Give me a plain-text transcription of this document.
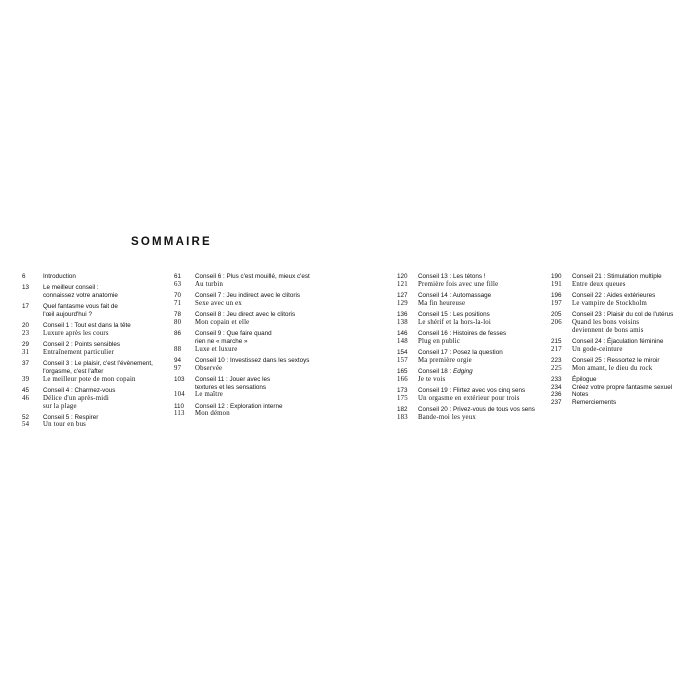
SOMMAIRE
6	Introduction
13	Le meilleur conseil :
connaissez votre anatomie
17	Quel fantasme vous fait de
l'œil aujourd'hui ?
20	Conseil 1 : Tout est dans la tête
23	Luxure après les cours
29	Conseil 2 : Points sensibles
31	Entraînement particulier
37	Conseil 3 : Le plaisir, c'est l'évènement,
l'orgasme, c'est l'after
39	Le meilleur pote de mon copain
45	Conseil 4 : Charmez-vous
46	Délice d'un après-midi
sur la plage
52	Conseil 5 : Respirer
54	Un tour en bus
61	Conseil 6 : Plus c'est mouillé, mieux c'est
63	Au turbin
70	Conseil 7 : Jeu indirect avec le clitoris
71	Sexe avec un ex
78	Conseil 8 : Jeu direct avec le clitoris
80	Mon copain et elle
86	Conseil 9 : Que faire quand
rien ne « marche »
88	Luxe et luxure
94	Conseil 10 : Investissez dans les sextoys
97	Observée
103	Conseil 11 : Jouer avec les
textures et les sensations
104	Le maître
110	Conseil 12 : Exploration interne
113	Mon démon
120	Conseil 13 : Les tétons !
121	Première fois avec une fille
127	Conseil 14 : Automassage
129	Ma fin heureuse
136	Conseil 15 : Les positions
138	Le shérif et la hors-la-loi
146	Conseil 16 : Histoires de fesses
148	Plug en public
154	Conseil 17 : Posez la question
157	Ma première orgie
165	Conseil 18 : Edging
166	Je te vois
173	Conseil 19 : Flirtez avec vos cinq sens
175	Un orgasme en extérieur pour trois
182	Conseil 20 : Privez-vous de tous vos sens
183	Bande-moi les yeux
190	Conseil 21 : Stimulation multiple
191	Entre deux queues
196	Conseil 22 : Aides extérieures
197	Le vampire de Stockholm
205	Conseil 23 : Plaisir du col de l'utérus
206	Quand les bons voisins
deviennent de bons amis
215	Conseil 24 : Éjaculation féminine
217	Un gode-ceinture
223	Conseil 25 : Ressortez le miroir
225	Mon amant, le dieu du rock
233	Épilogue
234	Créez votre propre fantasme sexuel
236	Notes
237	Remerciements
